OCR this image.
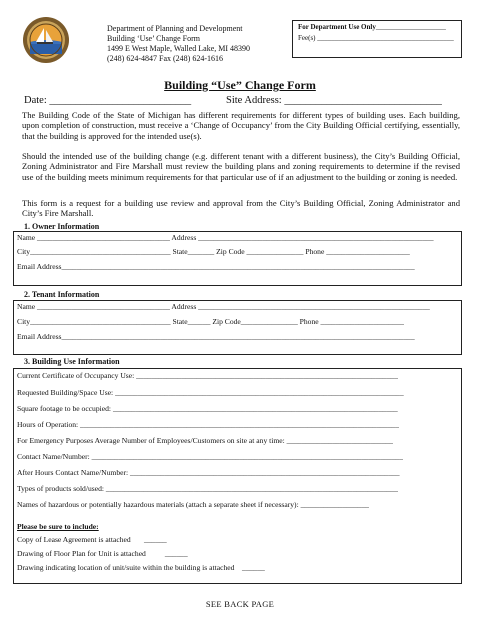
Department of Planning and Development
Building ‘Use’ Change Form
1499 E West Maple, Walled Lake, MI 48390
(248) 624-4847 Fax (248) 624-1616
For Department Use Only____________________
Fee(s) _______________________________________
Building “Use” Change Form
Date: ___________________________	Site Address: ______________________________
The Building Code of the State of Michigan has different requirements for different types of building uses. Each building, upon completion of construction, must receive a ‘Change of Occupancy’ from the City Building Official certifying, essentially, that the building is approved for the intended use(s).
Should the intended use of the building change (e.g. different tenant with a different business), the City’s Building Official, Zoning Administrator and Fire Marshall must review the building plans and zoning requirements to determine if the revised use of the building meets minimum requirements for that particular use of if an adjustment to the building or zoning is needed.
This form is a request for a building use review and approval from the City’s Building Official, Zoning Administrator and City’s Fire Marshall.
1. Owner Information
Name ___________________________________ Address ______________________________________________________________
City_____________________________________ State_______ Zip Code _______________ Phone ______________________
Email Address_____________________________________________________________________________________________
2. Tenant Information
Name ___________________________________ Address _____________________________________________________________
City_____________________________________ State______ Zip Code_______________ Phone ______________________
Email Address_____________________________________________________________________________________________
3. Building Use Information
Current Certificate of Occupancy Use: _____________________________________________________________________
Requested Building/Space Use: ____________________________________________________________________________
Square footage to be occupied: ___________________________________________________________________________
Hours of Operation: ____________________________________________________________________________________
For Emergency Purposes Average Number of Employees/Customers on site at any time: ____________________________
Contact Name/Number: __________________________________________________________________________________
After Hours Contact Name/Number: _______________________________________________________________________
Types of products sold/used: _____________________________________________________________________________
Names of hazardous or potentially hazardous materials (attach a separate sheet if necessary): __________________
Please be sure to include:
Copy of Lease Agreement is attached       ______
Drawing of Floor Plan for Unit is attached          ______
Drawing indicating location of unit/suite within the building is attached    ______
SEE BACK PAGE
